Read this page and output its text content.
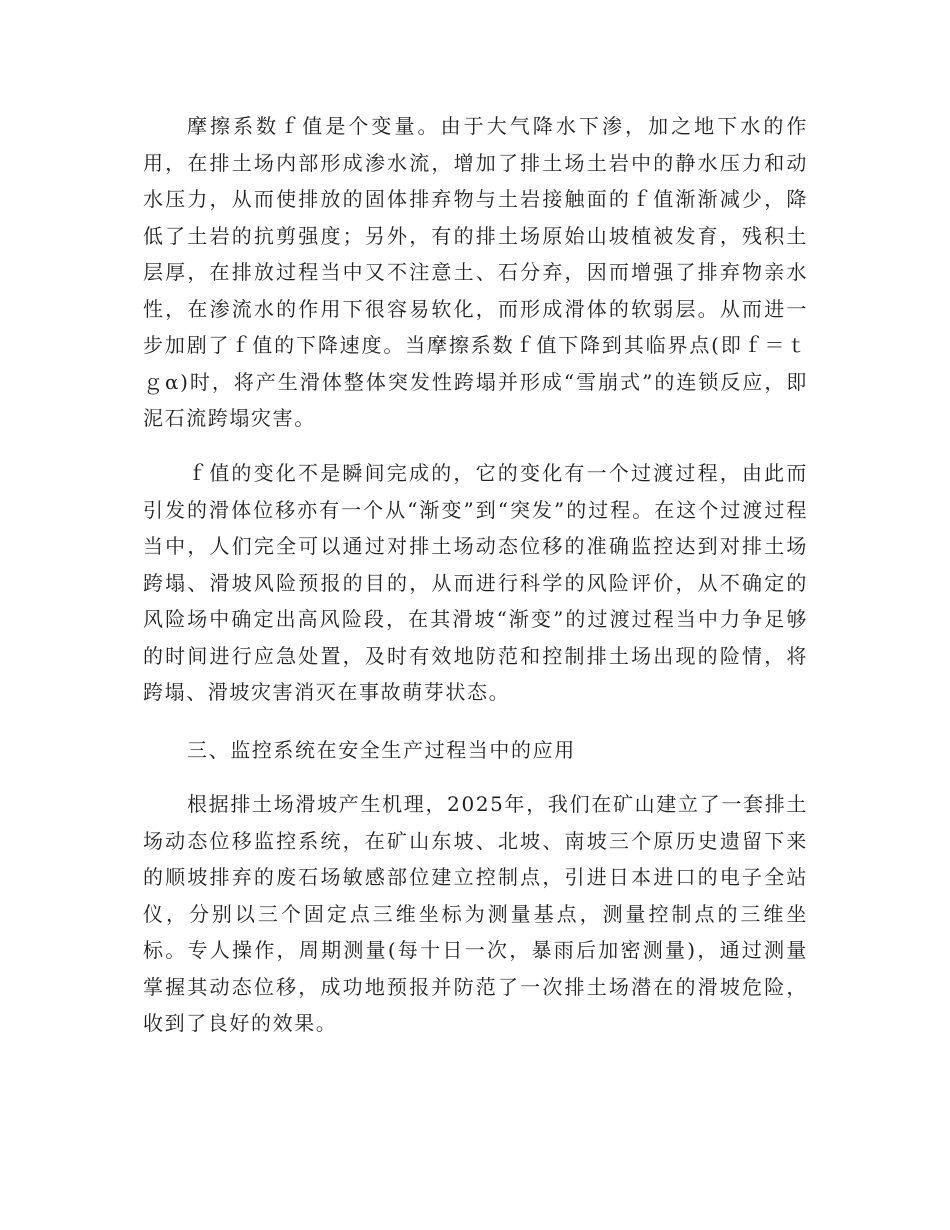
摩擦系数ｆ值是个变量。由于大气降水下渗，加之地下水的作用，在排土场内部形成渗水流，增加了排土场土岩中的静水压力和动水压力，从而使排放的固体排弃物与土岩接触面的ｆ值渐渐减少，降低了土岩的抗剪强度；另外，有的排土场原始山坡植被发育，残积土层厚，在排放过程当中又不注意土、石分弃，因而增强了排弃物亲水性，在渗流水的作用下很容易软化，而形成滑体的软弱层。从而进一步加剧了ｆ值的下降速度。当摩擦系数ｆ值下降到其临界点(即ｆ＝ｔｇα)时，将产生滑体整体突发性跨塌并形成“雪崩式”的连锁反应，即泥石流跨塌灾害。

ｆ值的变化不是瞬间完成的，它的变化有一个过渡过程，由此而引发的滑体位移亦有一个从“渐变”到“突发”的过程。在这个过渡过程当中，人们完全可以通过对排土场动态位移的准确监控达到对排土场跨塌、滑坡风险预报的目的，从而进行科学的风险评价，从不确定的风险场中确定出高风险段，在其滑坡“渐变”的过渡过程当中力争足够的时间进行应急处置，及时有效地防范和控制排土场出现的险情，将跨塌、滑坡灾害消灭在事故萌芽状态。

三、监控系统在安全生产过程当中的应用

根据排土场滑坡产生机理，2025年，我们在矿山建立了一套排土场动态位移监控系统，在矿山东坡、北坡、南坡三个原历史遗留下来的顺坡排弃的废石场敏感部位建立控制点，引进日本进口的电子全站仪，分别以三个固定点三维坐标为测量基点，测量控制点的三维坐标。专人操作，周期测量(每十日一次，暴雨后加密测量)，通过测量掌握其动态位移，成功地预报并防范了一次排土场潜在的滑坡危险，收到了良好的效果。
